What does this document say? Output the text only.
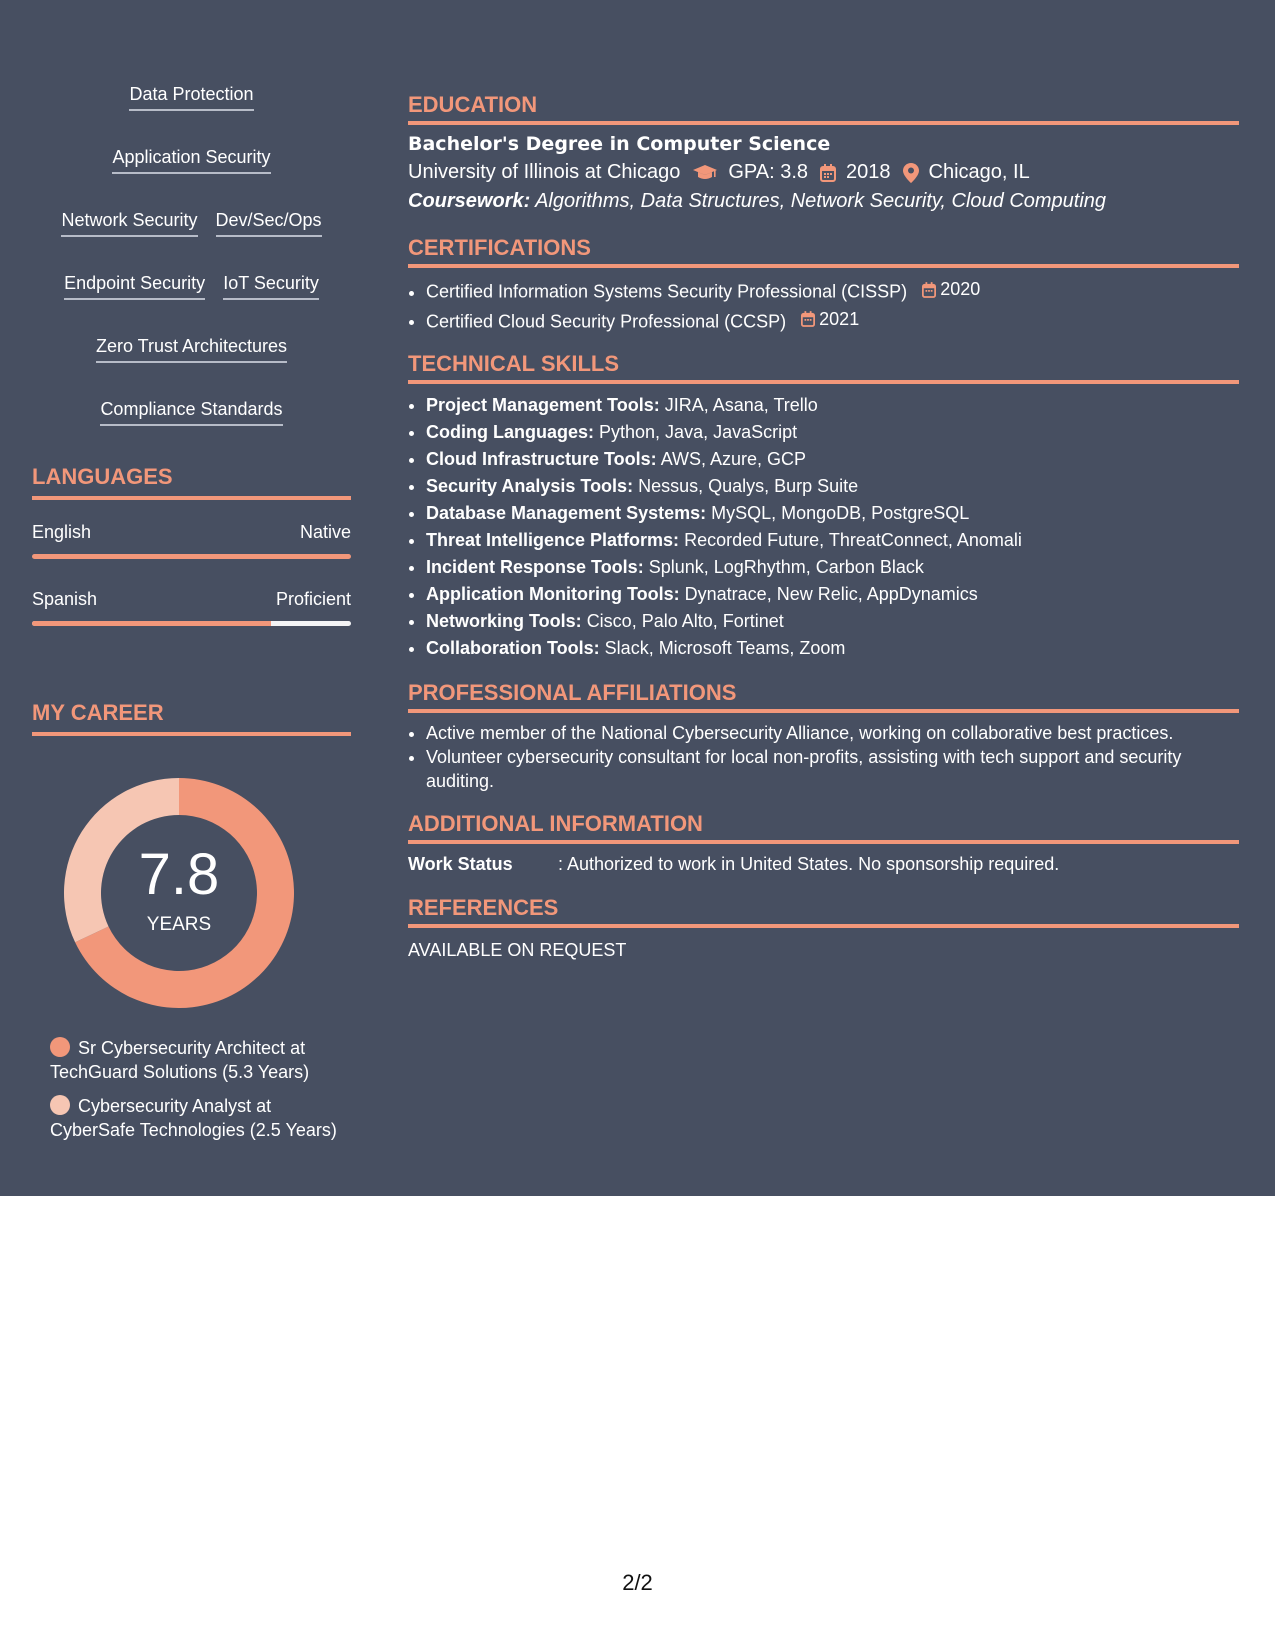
Data Protection
Application Security
Network Security Dev/Sec/Ops
Endpoint Security IoT Security
Zero Trust Architectures
Compliance Standards
LANGUAGES
English	Native
Spanish	Proficient
MY CAREER
7.8
YEARS
Sr Cybersecurity Architect at TechGuard Solutions (5.3 Years)
Cybersecurity Analyst at CyberSafe Technologies (2.5 Years)
EDUCATION
Bachelor's Degree in Computer Science
University of Illinois at Chicago GPA: 3.8 2018 Chicago, IL
Coursework: Algorithms, Data Structures, Network Security, Cloud Computing
CERTIFICATIONS
• Certified Information Systems Security Professional (CISSP) 2020
• Certified Cloud Security Professional (CCSP) 2021
TECHNICAL SKILLS
• Project Management Tools: JIRA, Asana, Trello
• Coding Languages: Python, Java, JavaScript
• Cloud Infrastructure Tools: AWS, Azure, GCP
• Security Analysis Tools: Nessus, Qualys, Burp Suite
• Database Management Systems: MySQL, MongoDB, PostgreSQL
• Threat Intelligence Platforms: Recorded Future, ThreatConnect, Anomali
• Incident Response Tools: Splunk, LogRhythm, Carbon Black
• Application Monitoring Tools: Dynatrace, New Relic, AppDynamics
• Networking Tools: Cisco, Palo Alto, Fortinet
• Collaboration Tools: Slack, Microsoft Teams, Zoom
PROFESSIONAL AFFILIATIONS
• Active member of the National Cybersecurity Alliance, working on collaborative best practices.
• Volunteer cybersecurity consultant for local non-profits, assisting with tech support and security auditing.
ADDITIONAL INFORMATION
Work Status	: Authorized to work in United States. No sponsorship required.
REFERENCES
AVAILABLE ON REQUEST
2/2
